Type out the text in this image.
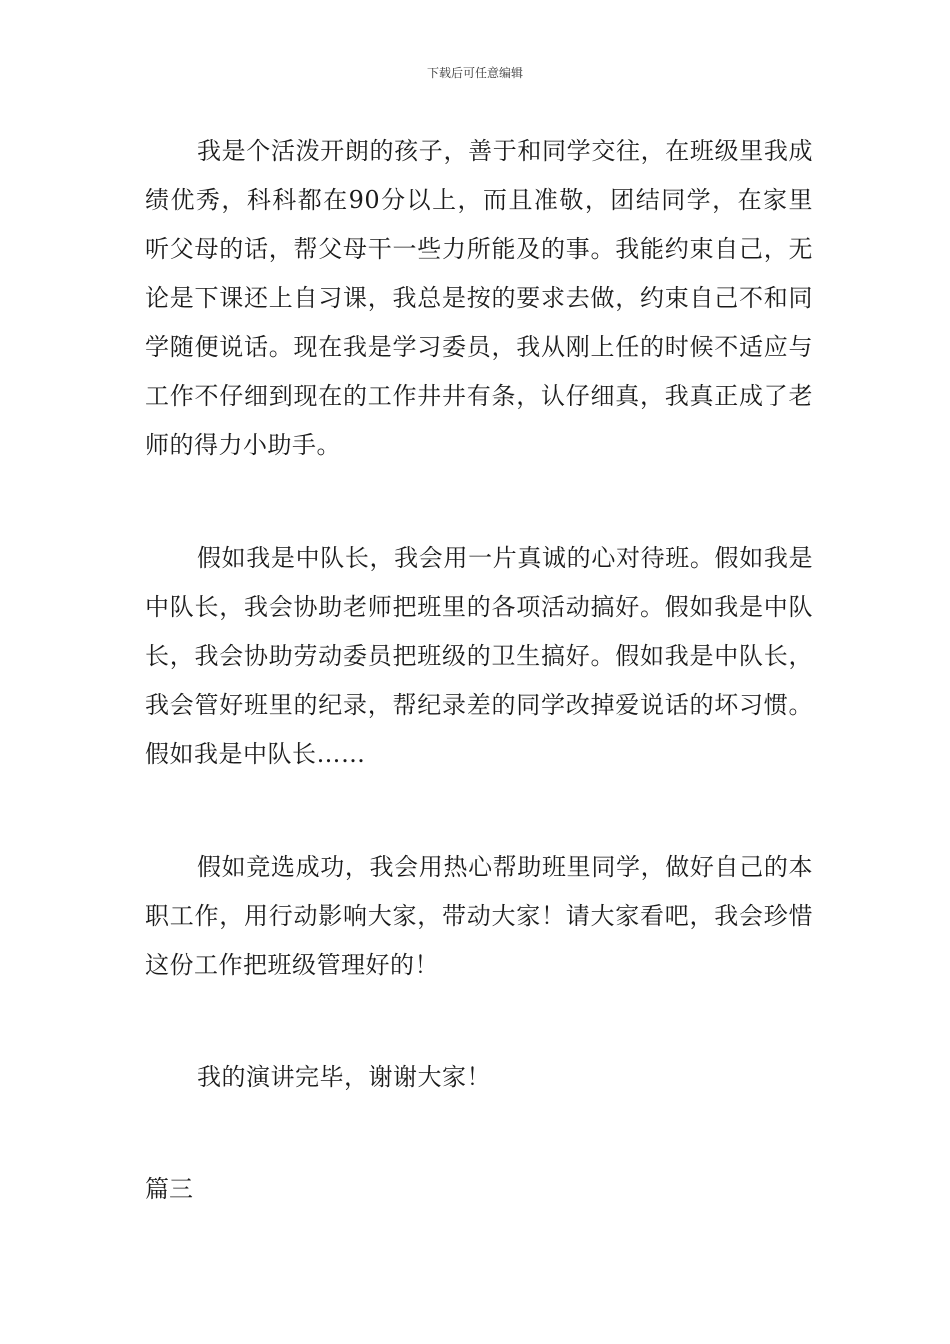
下载后可任意编辑

我是个活泼开朗的孩子，善于和同学交往，在班级里我成绩优秀，科科都在90分以上，而且准敬，团结同学，在家里听父母的话，帮父母干一些力所能及的事。我能约束自己，无论是下课还上自习课，我总是按的要求去做，约束自己不和同学随便说话。现在我是学习委员，我从刚上任的时候不适应与工作不仔细到现在的工作井井有条，认仔细真，我真正成了老师的得力小助手。

假如我是中队长，我会用一片真诚的心对待班。假如我是中队长，我会协助老师把班里的各项活动搞好。假如我是中队长，我会协助劳动委员把班级的卫生搞好。假如我是中队长，我会管好班里的纪录，帮纪录差的同学改掉爱说话的坏习惯。假如我是中队长……

假如竞选成功，我会用热心帮助班里同学，做好自己的本职工作，用行动影响大家，带动大家！请大家看吧，我会珍惜这份工作把班级管理好的！

我的演讲完毕，谢谢大家！

篇三
